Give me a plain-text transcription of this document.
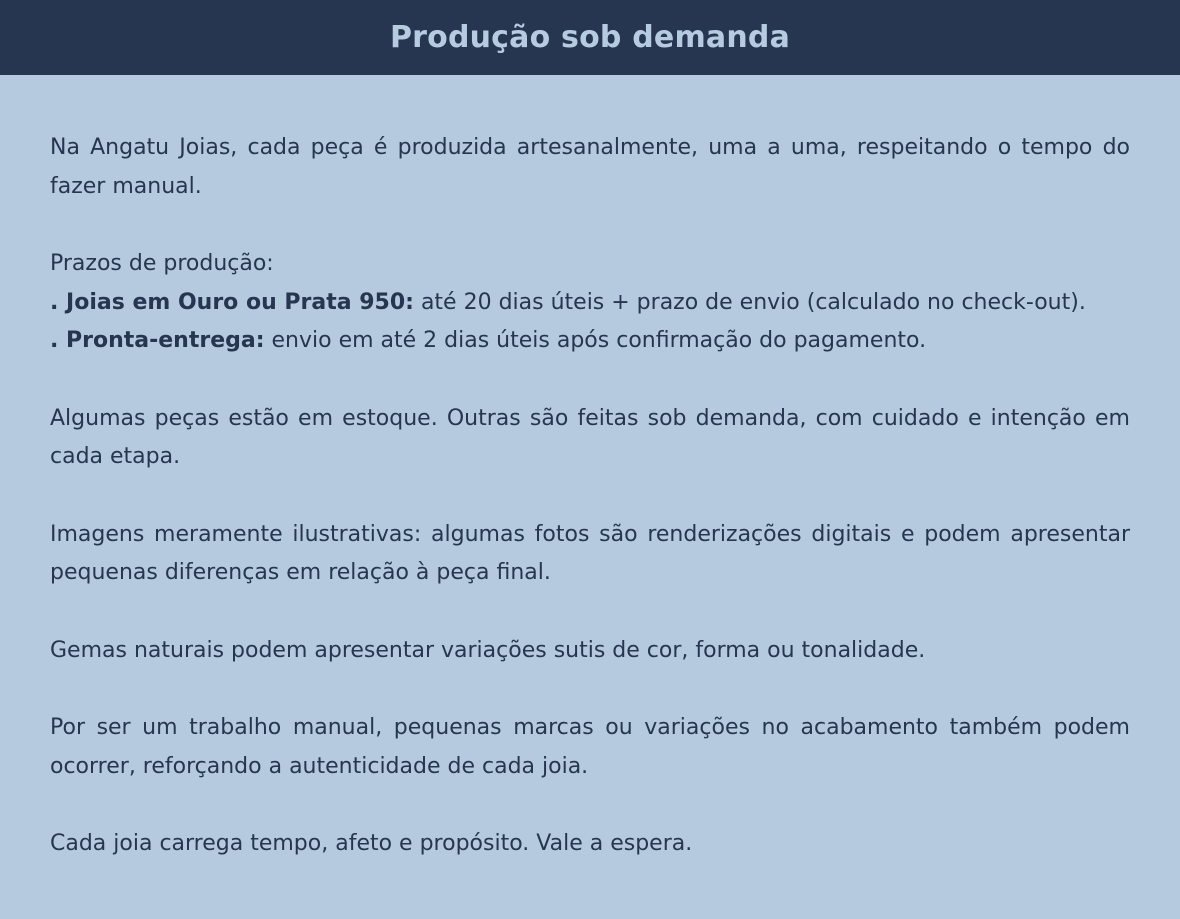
Produção sob demanda

Na Angatu Joias, cada peça é produzida artesanalmente, uma a uma, respeitando o tempo do fazer manual.

Prazos de produção:

. Joias em Ouro ou Prata 950: até 20 dias úteis + prazo de envio (calculado no check-out).

. Pronta-entrega: envio em até 2 dias úteis após confirmação do pagamento.

Algumas peças estão em estoque. Outras são feitas sob demanda, com cuidado e intenção em cada etapa.

Imagens meramente ilustrativas: algumas fotos são renderizações digitais e podem apresentar pequenas diferenças em relação à peça final.

Gemas naturais podem apresentar variações sutis de cor, forma ou tonalidade.

Por ser um trabalho manual, pequenas marcas ou variações no acabamento também podem ocorrer, reforçando a autenticidade de cada joia.

Cada joia carrega tempo, afeto e propósito. Vale a espera.
